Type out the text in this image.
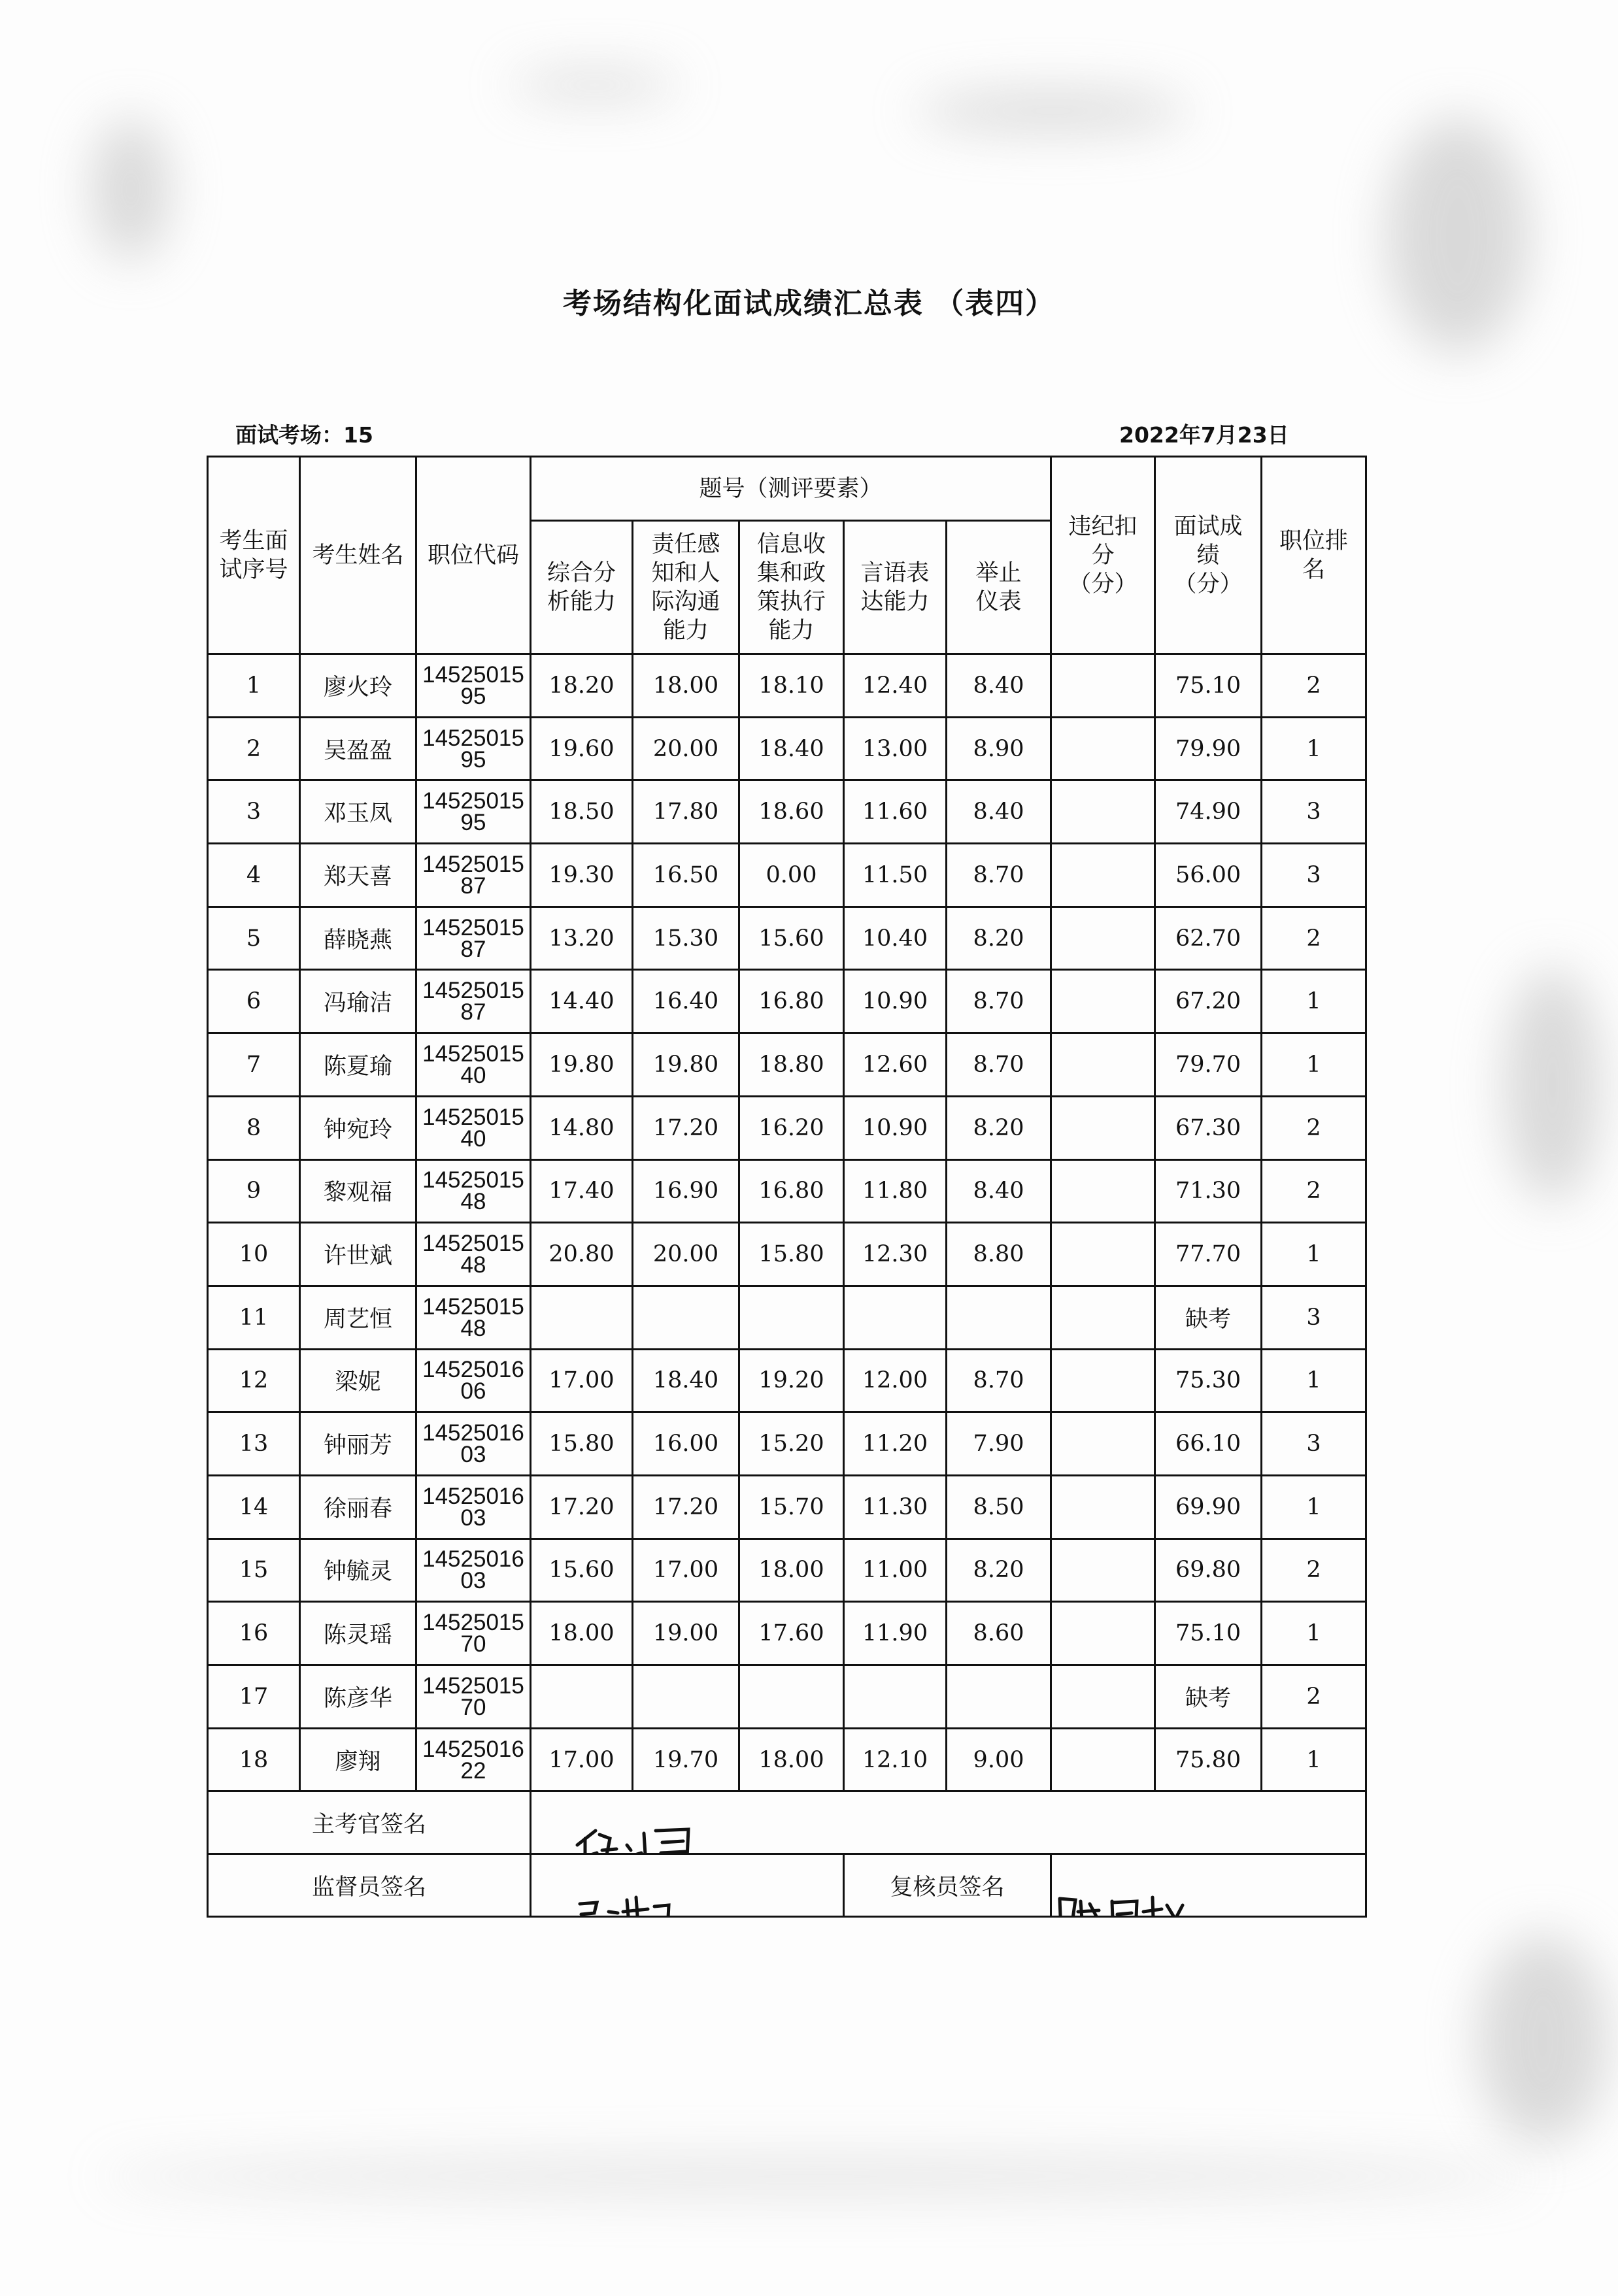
考场结构化面试成绩汇总表 （表四）
面试考场：15	2022年7月23日
考生面试序号	考生姓名	职位代码	题号（测评要素）					违纪扣分（分）	面试成绩（分）	职位排名
			综合分析能力	责任感知和人际沟通能力	信息收集和政策执行能力	言语表达能力	举止仪表			
1	廖火玲	1452501595	18.20	18.00	18.10	12.40	8.40		75.10	2
2	吴盈盈	1452501595	19.60	20.00	18.40	13.00	8.90		79.90	1
3	邓玉凤	1452501595	18.50	17.80	18.60	11.60	8.40		74.90	3
4	郑天喜	1452501587	19.30	16.50	0.00	11.50	8.70		56.00	3
5	薛晓燕	1452501587	13.20	15.30	15.60	10.40	8.20		62.70	2
6	冯瑜洁	1452501587	14.40	16.40	16.80	10.90	8.70		67.20	1
7	陈夏瑜	1452501540	19.80	19.80	18.80	12.60	8.70		79.70	1
8	钟宛玲	1452501540	14.80	17.20	16.20	10.90	8.20		67.30	2
9	黎观福	1452501548	17.40	16.90	16.80	11.80	8.40		71.30	2
10	许世斌	1452501548	20.80	20.00	15.80	12.30	8.80		77.70	1
11	周艺恒	1452501548							缺考	3
12	梁妮	1452501606	17.00	18.40	19.20	12.00	8.70		75.30	1
13	钟丽芳	1452501603	15.80	16.00	15.20	11.20	7.90		66.10	3
14	徐丽春	1452501603	17.20	17.20	15.70	11.30	8.50		69.90	1
15	钟毓灵	1452501603	15.60	17.00	18.00	11.00	8.20		69.80	2
16	陈灵瑶	1452501570	18.00	19.00	17.60	11.90	8.60		75.10	1
17	陈彦华	1452501570							缺考	2
18	廖翔	1452501622	17.00	19.70	18.00	12.10	9.00		75.80	1
主考官签名	

监督员签名						复核员签名	
